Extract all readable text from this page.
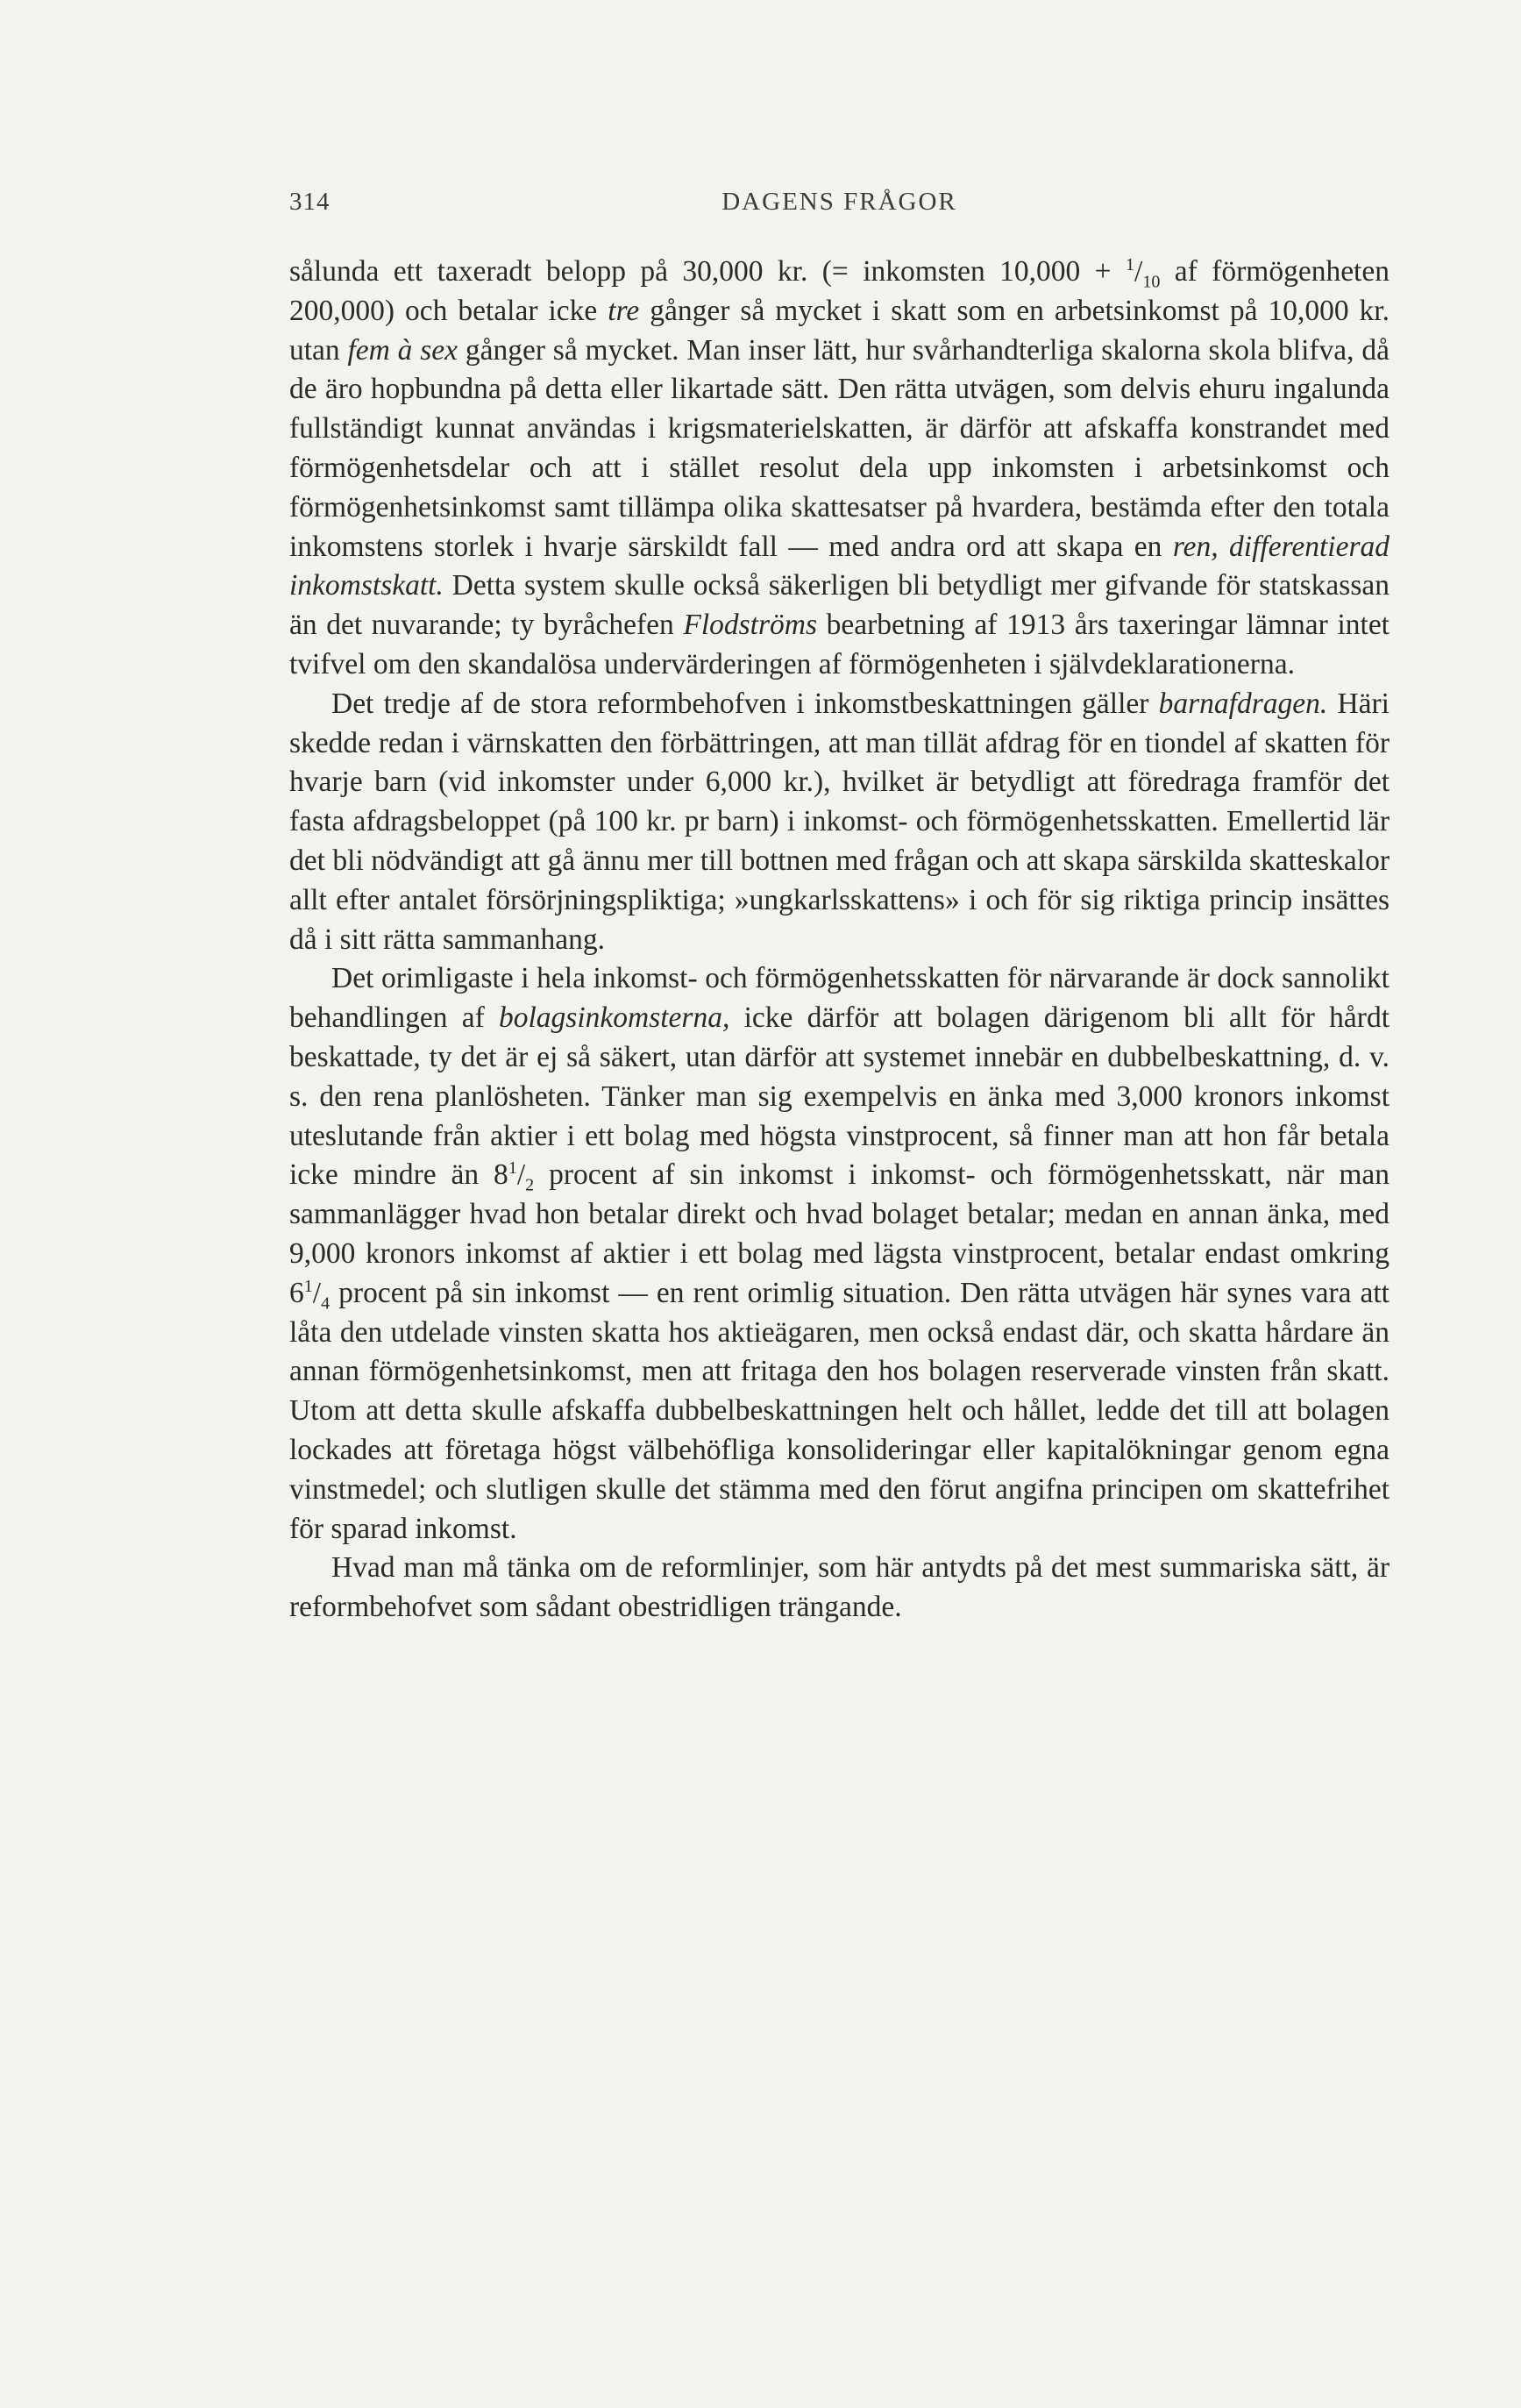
314	DAGENS FRÅGOR

sålunda ett taxeradt belopp på 30,000 kr. (= inkomsten $10,000 + ^1/_{10}$ af förmögenheten 200,000) och betalar icke tre gånger så mycket i skatt som en arbetsinkomst på 10,000 kr. utan fem à sex gånger så mycket. Man inser lätt, hur svårhandterliga skalorna skola blifva, då de äro hopbundna på detta eller likartade sätt. Den rätta utvägen, som delvis ehuru ingalunda fullständigt kunnat användas i krigsmaterielskatten, är därför att afskaffa konstrandet med förmögenhetsdelar och att i stället resolut dela upp inkomsten i arbetsinkomst och förmögenhetsinkomst samt tillämpa olika skattesatser på hvardera, bestämda efter den totala inkomstens storlek i hvarje särskildt fall — med andra ord att skapa en ren, differentierad inkomstskatt. Detta system skulle också säkerligen bli betydligt mer gifvande för statskassan än det nuvarande; ty byråchefen Flodströms bearbetning af 1913 års taxeringar lämnar intet tvifvel om den skandalösa undervärderingen af förmögenheten i självdeklarationerna.

Det tredje af de stora reformbehofven i inkomstbeskattningen gäller barnafdragen. Häri skedde redan i värnskatten den förbättringen, att man tillät afdrag för en tiondel af skatten för hvarje barn (vid inkomster under 6,000 kr.), hvilket är betydligt att föredraga framför det fasta afdragsbeloppet (på 100 kr. pr barn) i inkomst- och förmögenhetsskatten. Emellertid lär det bli nödvändigt att gå ännu mer till bottnen med frågan och att skapa särskilda skatteskalor allt efter antalet försörjningspliktiga; »ungkarlsskattens» i och för sig riktiga princip insättes då i sitt rätta sammanhang.

Det orimligaste i hela inkomst- och förmögenhetsskatten för närvarande är dock sannolikt behandlingen af bolagsinkomsterna, icke därför att bolagen därigenom bli allt för hårdt beskattade, ty det är ej så säkert, utan därför att systemet innebär en dubbelbeskattning, d. v. s. den rena planlösheten. Tänker man sig exempelvis en änka med 3,000 kronors inkomst uteslutande från aktier i ett bolag med högsta vinstprocent, så finner man att hon får betala icke mindre än $8^1/_2$ procent af sin inkomst i inkomst- och förmögenhetsskatt, när man sammanlägger hvad hon betalar direkt och hvad bolaget betalar; medan en annan änka, med 9,000 kronors inkomst af aktier i ett bolag med lägsta vinstprocent, betalar endast omkring $6^1/_4$ procent på sin inkomst — en rent orimlig situation. Den rätta utvägen här synes vara att låta den utdelade vinsten skatta hos aktieägaren, men också endast där, och skatta hårdare än annan förmögenhetsinkomst, men att fritaga den hos bolagen reserverade vinsten från skatt. Utom att detta skulle afskaffa dubbelbeskattningen helt och hållet, ledde det till att bolagen lockades att företaga högst välbehöfliga konsolideringar eller kapitalökningar genom egna vinstmedel; och slutligen skulle det stämma med den förut angifna principen om skattefrihet för sparad inkomst.

Hvad man må tänka om de reformlinjer, som här antydts på det mest summariska sätt, är reformbehofvet som sådant obestridligen trängande.
